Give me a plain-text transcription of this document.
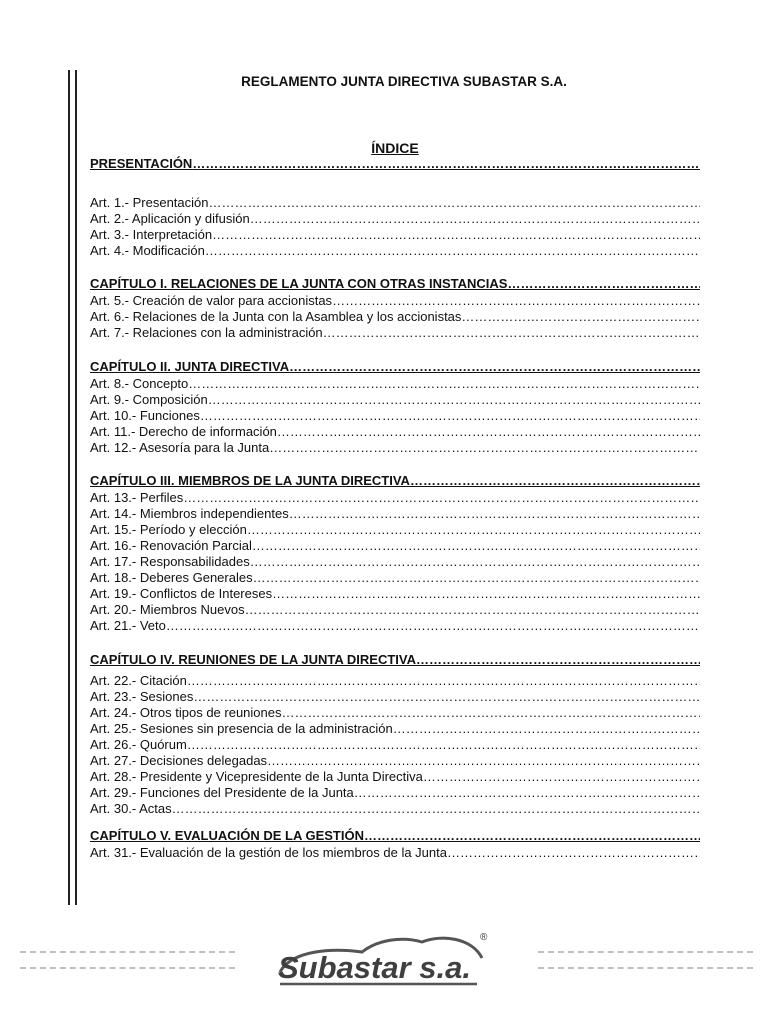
REGLAMENTO JUNTA DIRECTIVA SUBASTAR S.A.
ÍNDICE
PRESENTACIÓN
…………………………………………………………………………………………………………………………………………………………………………………………
Art. 1.- Presentación
…………………………………………………………………………………………………………………………………………………………………………………………
Art. 2.- Aplicación y difusión
…………………………………………………………………………………………………………………………………………………………………………………………
Art. 3.- Interpretación
…………………………………………………………………………………………………………………………………………………………………………………………
Art. 4.- Modificación
…………………………………………………………………………………………………………………………………………………………………………………………
CAPÍTULO I. RELACIONES DE LA JUNTA CON OTRAS INSTANCIAS
…………………………………………………………………………………………………………………………………………………………………………………………
Art. 5.- Creación de valor para accionistas
…………………………………………………………………………………………………………………………………………………………………………………………
Art. 6.- Relaciones de la Junta con la Asamblea y los accionistas
…………………………………………………………………………………………………………………………………………………………………………………………
Art. 7.- Relaciones con la administración
…………………………………………………………………………………………………………………………………………………………………………………………
CAPÍTULO II. JUNTA DIRECTIVA
…………………………………………………………………………………………………………………………………………………………………………………………
Art. 8.- Concepto
…………………………………………………………………………………………………………………………………………………………………………………………
Art. 9.- Composición
…………………………………………………………………………………………………………………………………………………………………………………………
Art. 10.- Funciones
…………………………………………………………………………………………………………………………………………………………………………………………
Art. 11.- Derecho de información
…………………………………………………………………………………………………………………………………………………………………………………………
Art. 12.- Asesoría para la Junta
…………………………………………………………………………………………………………………………………………………………………………………………
CAPÍTULO III. MIEMBROS DE LA JUNTA DIRECTIVA
…………………………………………………………………………………………………………………………………………………………………………………………
Art. 13.- Perfiles
…………………………………………………………………………………………………………………………………………………………………………………………
Art. 14.- Miembros independientes
…………………………………………………………………………………………………………………………………………………………………………………………
Art. 15.- Período y elección
…………………………………………………………………………………………………………………………………………………………………………………………
Art. 16.- Renovación Parcial
…………………………………………………………………………………………………………………………………………………………………………………………
Art. 17.- Responsabilidades
…………………………………………………………………………………………………………………………………………………………………………………………
Art. 18.- Deberes Generales
…………………………………………………………………………………………………………………………………………………………………………………………
Art. 19.- Conflictos de Intereses
…………………………………………………………………………………………………………………………………………………………………………………………
Art. 20.- Miembros Nuevos
…………………………………………………………………………………………………………………………………………………………………………………………
Art. 21.- Veto
…………………………………………………………………………………………………………………………………………………………………………………………
CAPÍTULO IV. REUNIONES DE LA JUNTA DIRECTIVA
…………………………………………………………………………………………………………………………………………………………………………………………
Art. 22.- Citación
…………………………………………………………………………………………………………………………………………………………………………………………
Art. 23.- Sesiones
…………………………………………………………………………………………………………………………………………………………………………………………
Art. 24.- Otros tipos de reuniones
…………………………………………………………………………………………………………………………………………………………………………………………
Art. 25.- Sesiones sin presencia de la administración
…………………………………………………………………………………………………………………………………………………………………………………………
Art. 26.- Quórum
…………………………………………………………………………………………………………………………………………………………………………………………
Art. 27.- Decisiones delegadas
…………………………………………………………………………………………………………………………………………………………………………………………
Art. 28.- Presidente y Vicepresidente de la Junta Directiva
…………………………………………………………………………………………………………………………………………………………………………………………
Art. 29.- Funciones del Presidente de la Junta
…………………………………………………………………………………………………………………………………………………………………………………………
Art. 30.- Actas
…………………………………………………………………………………………………………………………………………………………………………………………
CAPÍTULO V. EVALUACIÓN DE LA GESTIÓN
…………………………………………………………………………………………………………………………………………………………………………………………
Art. 31.- Evaluación de la gestión de los miembros de la Junta
…………………………………………………………………………………………………………………………………………………………………………………………
Subastar s.a.
®
